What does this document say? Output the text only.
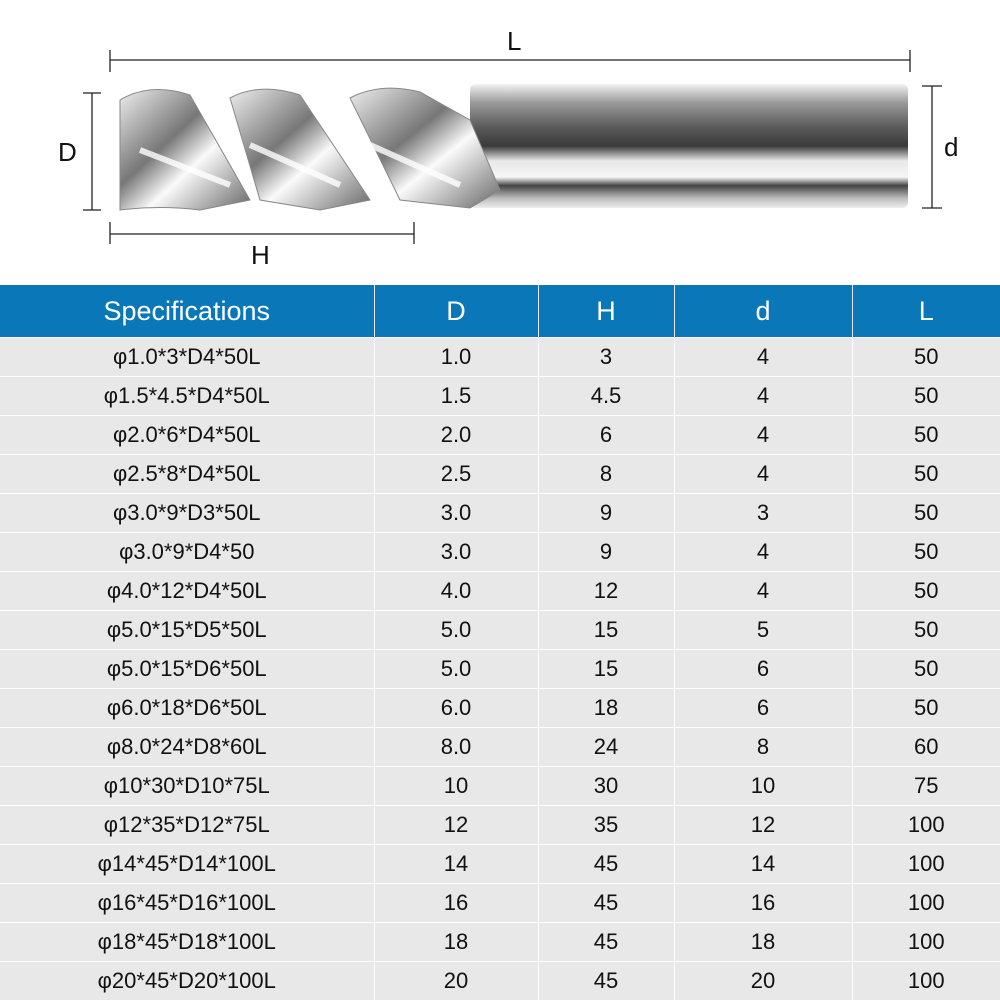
L
D	d
H
Specifications	D	H	d	L
φ1.0*3*D4*50L	1.0	3	4	50
φ1.5*4.5*D4*50L	1.5	4.5	4	50
φ2.0*6*D4*50L	2.0	6	4	50
φ2.5*8*D4*50L	2.5	8	4	50
φ3.0*9*D3*50L	3.0	9	3	50
φ3.0*9*D4*50	3.0	9	4	50
φ4.0*12*D4*50L	4.0	12	4	50
φ5.0*15*D5*50L	5.0	15	5	50
φ5.0*15*D6*50L	5.0	15	6	50
φ6.0*18*D6*50L	6.0	18	6	50
φ8.0*24*D8*60L	8.0	24	8	60
φ10*30*D10*75L	10	30	10	75
φ12*35*D12*75L	12	35	12	100
φ14*45*D14*100L	14	45	14	100
φ16*45*D16*100L	16	45	16	100
φ18*45*D18*100L	18	45	18	100
φ20*45*D20*100L	20	45	20	100
